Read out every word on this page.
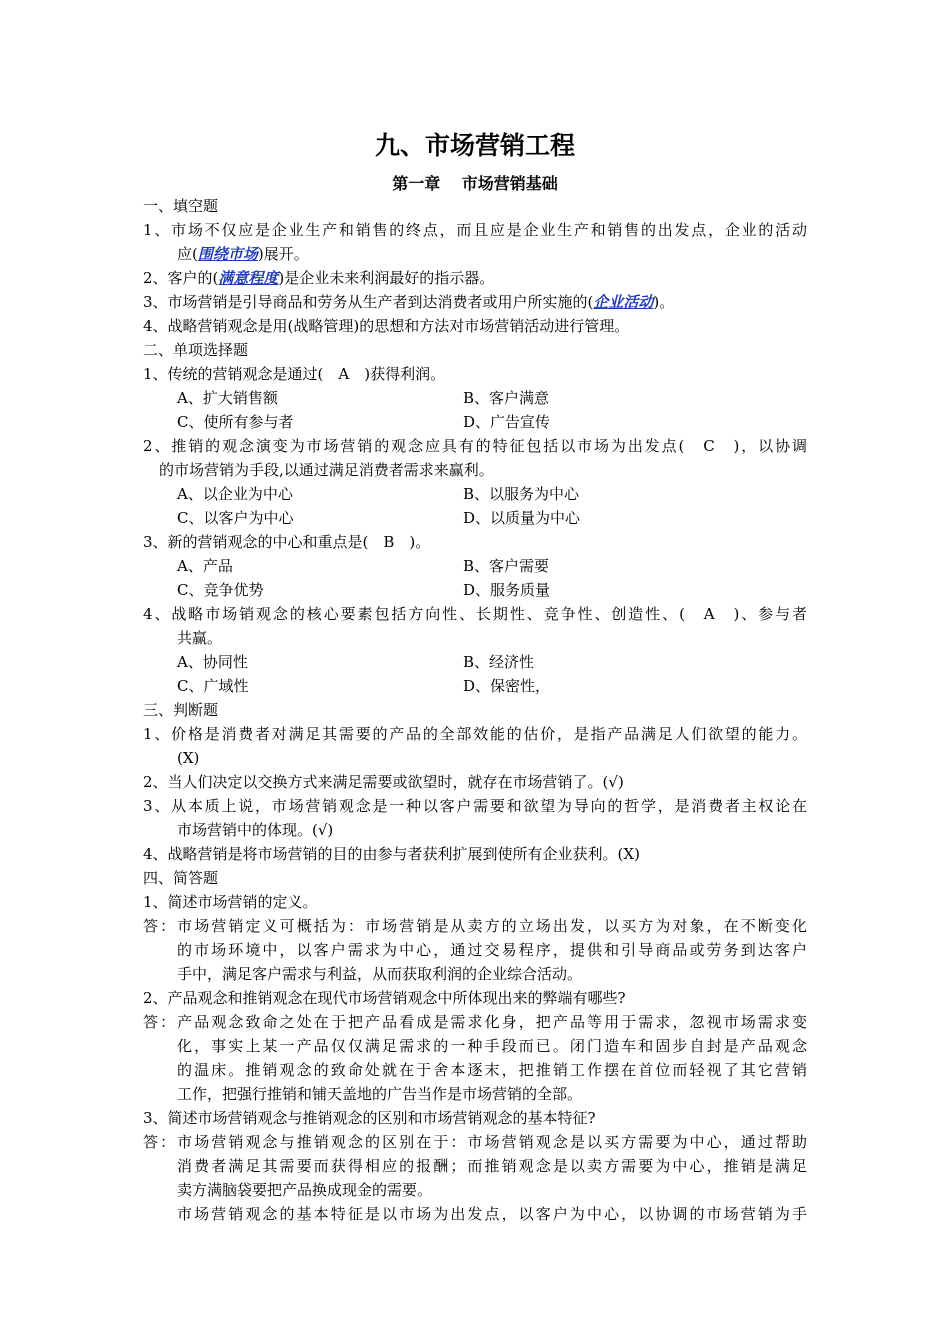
九、市场营销工程
第一章　 市场营销基础
一、填空题
1、市场不仅应是企业生产和销售的终点，而且应是企业生产和销售的出发点，企业的活动
应(围绕市场)展开。
2、客户的(满意程度)是企业未来利润最好的指示器。
3、市场营销是引导商品和劳务从生产者到达消费者或用户所实施的(企业活动)。
4、战略营销观念是用(战略管理)的思想和方法对市场营销活动进行管理。
二、单项选择题
1、传统的营销观念是通过(　A　)获得利润。
A、扩大销售额	B、客户满意
C、使所有参与者	D、广告宣传
2、推销的观念演变为市场营销的观念应具有的特征包括以市场为出发点(　C　)，以协调
的市场营销为手段,以通过满足消费者需求来赢利。
A、以企业为中心	B、以服务为中心
C、以客户为中心	D、以质量为中心
3、新的营销观念的中心和重点是(　B　)。
A、产品	B、客户需要
C、竞争优势	D、服务质量
4、战略市场销观念的核心要素包括方向性、长期性、竞争性、创造性、(　A　)、参与者
共赢。
A、协同性	B、经济性
C、广域性	D、保密性，
三、判断题
1、价格是消费者对满足其需要的产品的全部效能的估价，是指产品满足人们欲望的能力。
(X)
2、当人们决定以交换方式来满足需要或欲望时，就存在市场营销了。(√)
3、从本质上说，市场营销观念是一种以客户需要和欲望为导向的哲学，是消费者主权论在
市场营销中的体现。(√)
4、战略营销是将市场营销的目的由参与者获利扩展到使所有企业获利。(X)
四、简答题
1、简述市场营销的定义。
答：市场营销定义可概括为：市场营销是从卖方的立场出发，以买方为对象，在不断变化
的市场环境中，以客户需求为中心，通过交易程序，提供和引导商品或劳务到达客户
手中，满足客户需求与利益，从而获取利润的企业综合活动。
2、产品观念和推销观念在现代市场营销观念中所体现出来的弊端有哪些?
答：产品观念致命之处在于把产品看成是需求化身，把产品等用于需求，忽视市场需求变
化，事实上某一产品仅仅满足需求的一种手段而已。闭门造车和固步自封是产品观念
的温床。推销观念的致命处就在于舍本逐末，把推销工作摆在首位而轻视了其它营销
工作，把强行推销和铺天盖地的广告当作是市场营销的全部。
3、简述市场营销观念与推销观念的区别和市场营销观念的基本特征?
答：市场营销观念与推销观念的区别在于：市场营销观念是以买方需要为中心，通过帮助
消费者满足其需要而获得相应的报酬；而推销观念是以卖方需要为中心，推销是满足
卖方满脑袋要把产品换成现金的需要。
市场营销观念的基本特征是以市场为出发点，以客户为中心，以协调的市场营销为手
